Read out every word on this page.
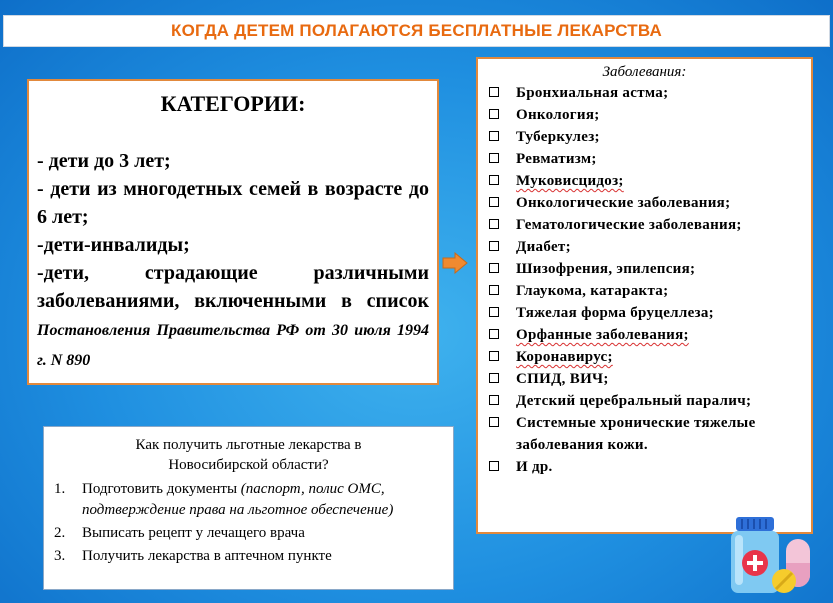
КОГДА ДЕТЕМ ПОЛАГАЮТСЯ БЕСПЛАТНЫЕ ЛЕКАРСТВА
КАТЕГОРИИ:

- дети до 3 лет;

- дети из многодетных семей в возрасте до 6 лет;

-дети-инвалиды;

-дети, страдающие различными заболеваниями, включенными в список Постановления Правительства РФ от 30 июля 1994 г. N 890

Заболевания:
Бронхиальная астма;
Онкология;
Туберкулез;
Ревматизм;
Муковисцидоз;
Онкологические заболевания;
Гематологические заболевания;
Диабет;
Шизофрения, эпилепсия;
Глаукома, катаракта;
Тяжелая форма бруцеллеза;
Орфанные заболевания;
Коронавирус;
СПИД, ВИЧ;
Детский церебральный паралич;
Системные хронические тяжелые заболевания кожи.
И др.
Как получить льготные лекарства в Новосибирской области?
1. Подготовить документы (паспорт, полис ОМС, подтверждение права на льготное обеспечение)
2. Выписать рецепт у лечащего врача
3. Получить лекарства в аптечном пункте
